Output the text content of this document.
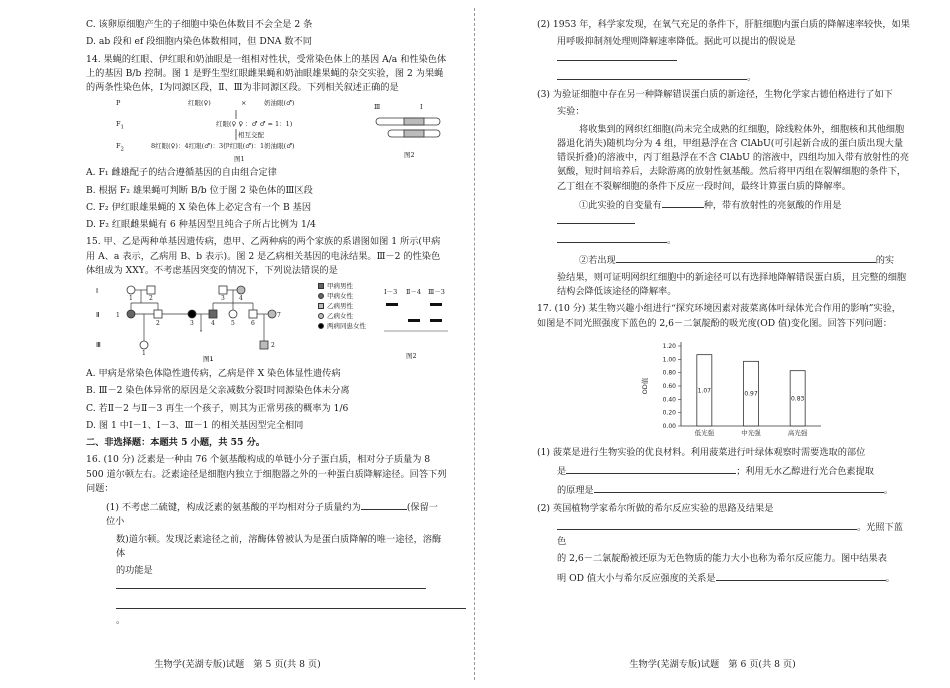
C. 该卵原细胞产生的子细胞中染色体数目不会全是 2 条

D. ab 段和 ef 段细胞内染色体数相同，但 DNA 数不同

14. 果蝇的红眼、伊红眼和奶油眼是一组相对性状，受常染色体上的基因 A/a 和性染色体上的基因 B/b 控制。图 1 是野生型红眼雌果蝇和奶油眼雄果蝇的杂交实验，图 2 为果蝇的两条性染色体，Ⅰ为同源区段，Ⅱ、Ⅲ为非同源区段。下列相关叙述正确的是

P	红眼(♀)	×	奶油眼(♂)
$F_1$	红眼(♀ ♀ ：♂ ♂ = 1：1)
相互交配
$F_2$	8红眼(♀)：4红眼(♂)：3伊红眼(♂)：1奶油眼(♂)
图1
Ⅲ	Ⅰ
图2

A. F₁ 雌雄配子的结合遵循基因的自由组合定律

B. 根据 F₂ 雄果蝇可判断 B/b 位于图 2 染色体的Ⅲ区段

C. F₂ 伊红眼雄果蝇的 X 染色体上必定含有一个 B 基因

D. F₂ 红眼雌果蝇有 6 种基因型且纯合子所占比例为 1/4

15. 甲、乙是两种单基因遗传病，患甲、乙两种病的两个家族的系谱图如图 1 所示(甲病用 A、a 表示，乙病用 B、b 表示)。图 2 是乙病相关基因的电泳结果。Ⅲ－2 的性染色体组成为 XXY。不考虑基因突变的情况下，下列说法错误的是

Ⅰ
Ⅱ
Ⅲ
图1
1	2	3 4
1
2	3	4	5	6
7
1
2
甲病男性
甲病女性
乙病男性
乙病女性
两病同患女性
Ⅰ－3 Ⅱ－4 Ⅲ－3
图2

A. 甲病是常染色体隐性遗传病，乙病是伴 X 染色体显性遗传病

B. Ⅲ－2 染色体异常的原因是父亲减数分裂Ⅰ时同源染色体未分离

C. 若Ⅱ－2 与Ⅱ－3 再生一个孩子，则其为正常男孩的概率为 1/6

D. 图 1 中Ⅰ－1、Ⅰ－3、Ⅲ－1 的相关基因型完全相同

二、非选择题：本题共 5 小题，共 55 分。

16. (10 分) 泛素是一种由 76 个氨基酸构成的单链小分子蛋白质，相对分子质量为 8 500 道尔顿左右。泛素途径是细胞内独立于细胞器之外的一种蛋白质降解途径。回答下列问题：

(1) 不考虑二硫键，构成泛素的氨基酸的平均相对分子质量约为	(保留一位小

数)道尔顿。发现泛素途径之前，溶酶体曾被认为是蛋白质降解的唯一途径，溶酶体

的功能是

。

生物学(芜湖专版)试题　第 5 页(共 8 页)

(2) 1953 年，科学家发现，在氧气充足的条件下，肝脏细胞内蛋白质的降解速率较快，如果

用呼吸抑制剂处理则降解速率降低。据此可以提出的假说是

。

(3) 为验证细胞中存在另一种降解错误蛋白质的新途径，生物化学家古德伯格进行了如下

实验：

将收集到的网织红细胞(尚未完全成熟的红细胞，除线粒体外，细胞核和其他细胞器退化消失)随机均分为 4 组，甲组悬浮在含 ClAbU(可引起新合成的蛋白质出现大量错误折叠)的溶液中，丙丁组悬浮在不含 ClAbU 的溶液中，四组均加入带有放射性的亮氨酸，短时间培养后，去除游离的放射性氨基酸。然后将甲丙组在裂解细胞的条件下，乙丁组在不裂解细胞的条件下反应一段时间，最终计算蛋白质的降解率。

①此实验的自变量有	种，带有放射性的亮氨酸的作用是

。

②若出现	的实

验结果，则可证明网织红细胞中的新途径可以有选择地降解错误蛋白质，且完整的细胞结构会降低该途径的降解率。

17. (10 分) 某生物兴趣小组进行“探究环境因素对菠菜离体叶绿体光合作用的影响”实验，如图是不同光照强度下蓝色的 2,6－二氯靛酚的吸光度(OD 值)变化图。回答下列问题：

0.00
0.20
0.40
0.60
0.80
1.00
1.20
OD值	1.07
低光强
0.97
中光强
0.83
高光强

(1) 菠菜是进行生物实验的优良材料。利用菠菜进行叶绿体观察时需要选取的部位

是	；利用无水乙醇进行光合色素提取

的原理是	。

(2) 英国植物学家希尔所做的希尔反应实验的思路及结果是

。光照下蓝色

的 2,6－二氯靛酚被还原为无色物质的能力大小也称为希尔反应能力。图中结果表

明 OD 值大小与希尔反应强度的关系是	。

生物学(芜湖专版)试题　第 6 页(共 8 页)
